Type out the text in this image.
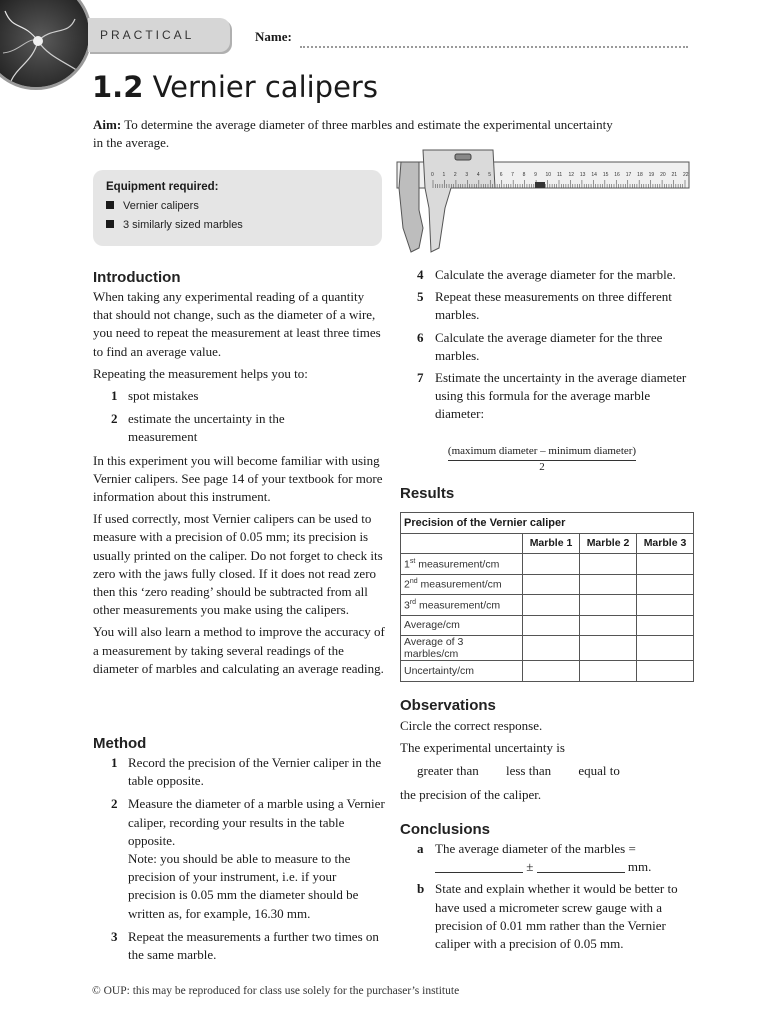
PRACTICAL	Name:
1.2 Vernier calipers
Aim: To determine the average diameter of three marbles and estimate the experimental uncertainty in the average.
Equipment required:
Vernier calipers
3 similarly sized marbles
0 1 2 3 4 5 6 7 8 9 10 11 12 13 14 15 16 17 18 19 20 21 22
Introduction

When taking any experimental reading of a quantity that should not change, such as the diameter of a wire, you need to repeat the measurement at least three times to find an average value.

Repeating the measurement helps you to:

1 spot mistakes
2 estimate the uncertainty in the measurement

In this experiment you will become familiar with using Vernier calipers. See page 14 of your textbook for more information about this instrument.

If used correctly, most Vernier calipers can be used to measure with a precision of 0.05 mm; its precision is usually printed on the caliper. Do not forget to check its zero with the jaws fully closed. If it does not read zero then this ‘zero reading’ should be subtracted from all other measurements you make using the calipers.

You will also learn a method to improve the accuracy of a measurement by taking several readings of the diameter of marbles and calculating an average reading.

Method
1 Record the precision of the Vernier caliper in the table opposite.
2 Measure the diameter of a marble using a Vernier caliper, recording your results in the table opposite.
Note: you should be able to measure to the precision of your instrument, i.e. if your precision is 0.05 mm the diameter should be written as, for example, 16.30 mm.
3 Repeat the measurements a further two times on the same marble.
4 Calculate the average diameter for the marble.
5 Repeat these measurements on three different marbles.
6 Calculate the average diameter for the three marbles.
7 Estimate the uncertainty in the average diameter using this formula for the average marble diameter:
(maximum diameter – minimum diameter)
2
Results
Precision of the Vernier caliper			
	Marble 1	Marble 2	Marble 3
1st measurement/cm			
2nd measurement/cm			
3rd measurement/cm			
Average/cm			
Average of 3 marbles/cm			
Uncertainty/cm			
Observations
Circle the correct response.
The experimental uncertainty is
greater than less than equal to
the precision of the caliper.
Conclusions
a The average diameter of the marbles =
±	mm.
b State and explain whether it would be better to have used a micrometer screw gauge with a precision of 0.01 mm rather than the Vernier caliper with a precision of 0.05 mm.
© OUP: this may be reproduced for class use solely for the purchaser’s institute
